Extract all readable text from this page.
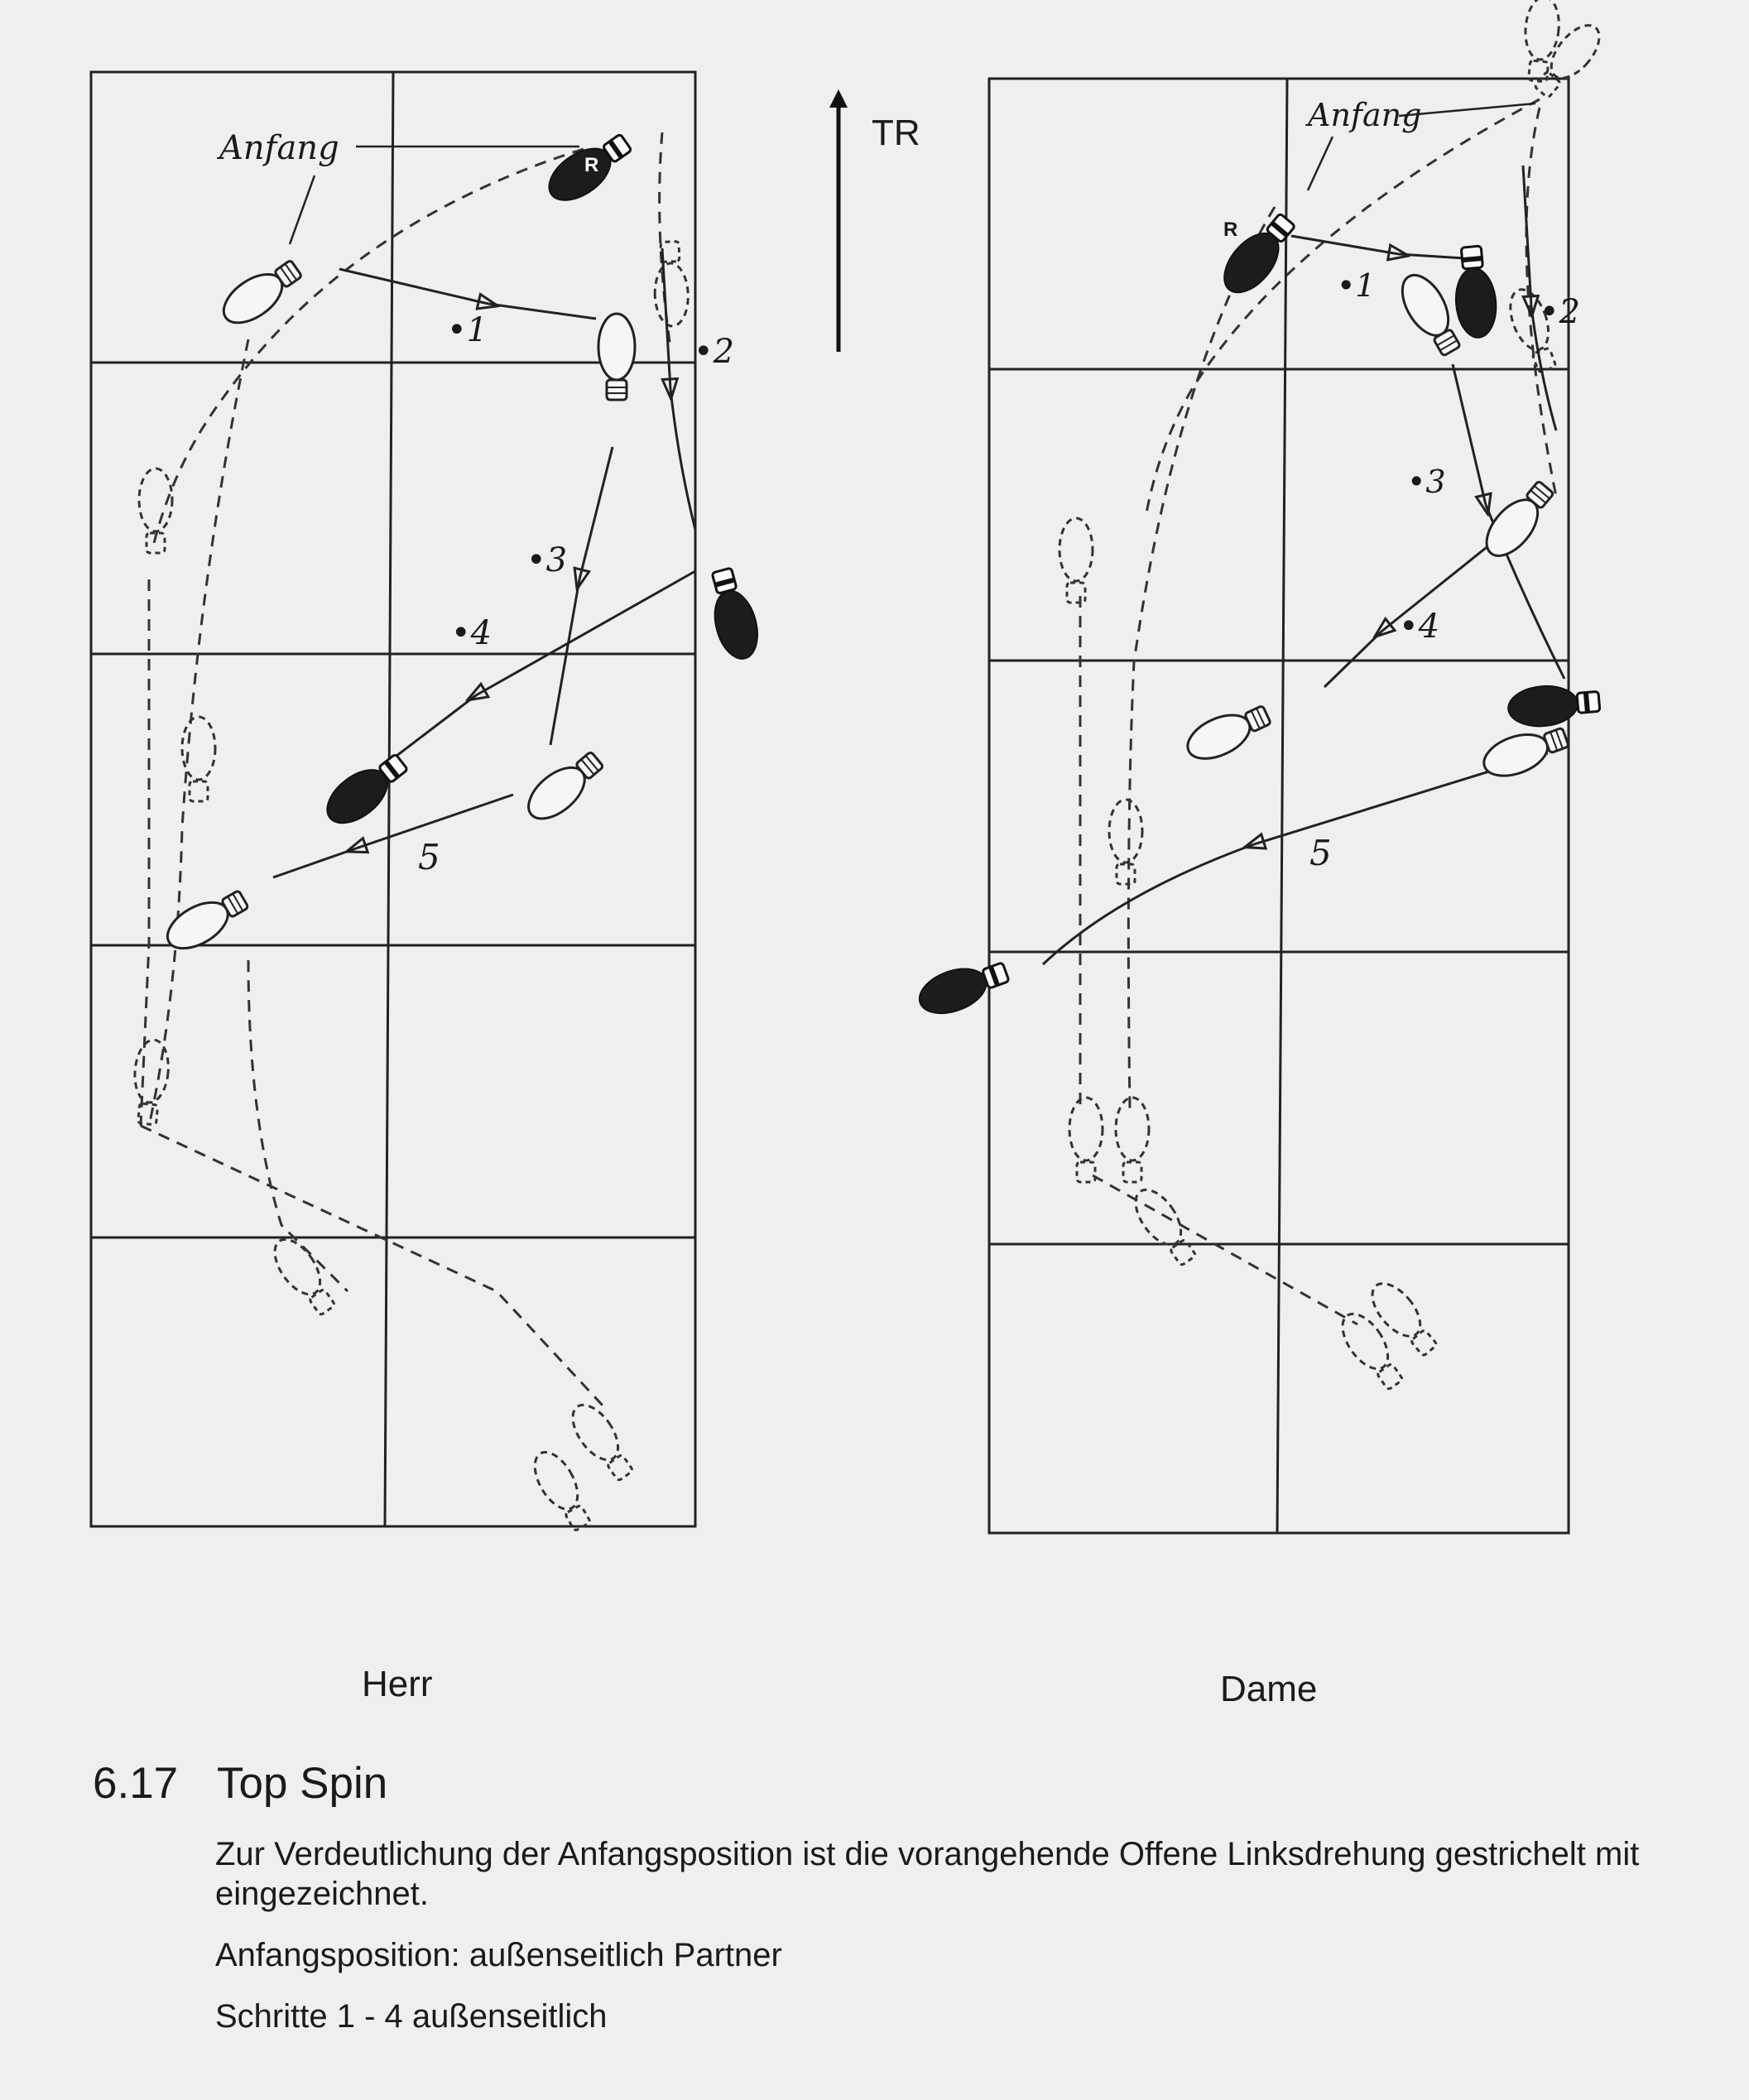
Anfang	R
•1
•2
•3
•4
5
TR	Anfang
R
•1
•2
•3
•4
5
Herr	Dame
6.17 Top Spin
Zur Verdeutlichung der Anfangsposition ist die vorangehende Offene Linksdrehung gestrichelt mit eingezeichnet.
Anfangsposition: außenseitlich Partner
Schritte 1 - 4 außenseitlich
